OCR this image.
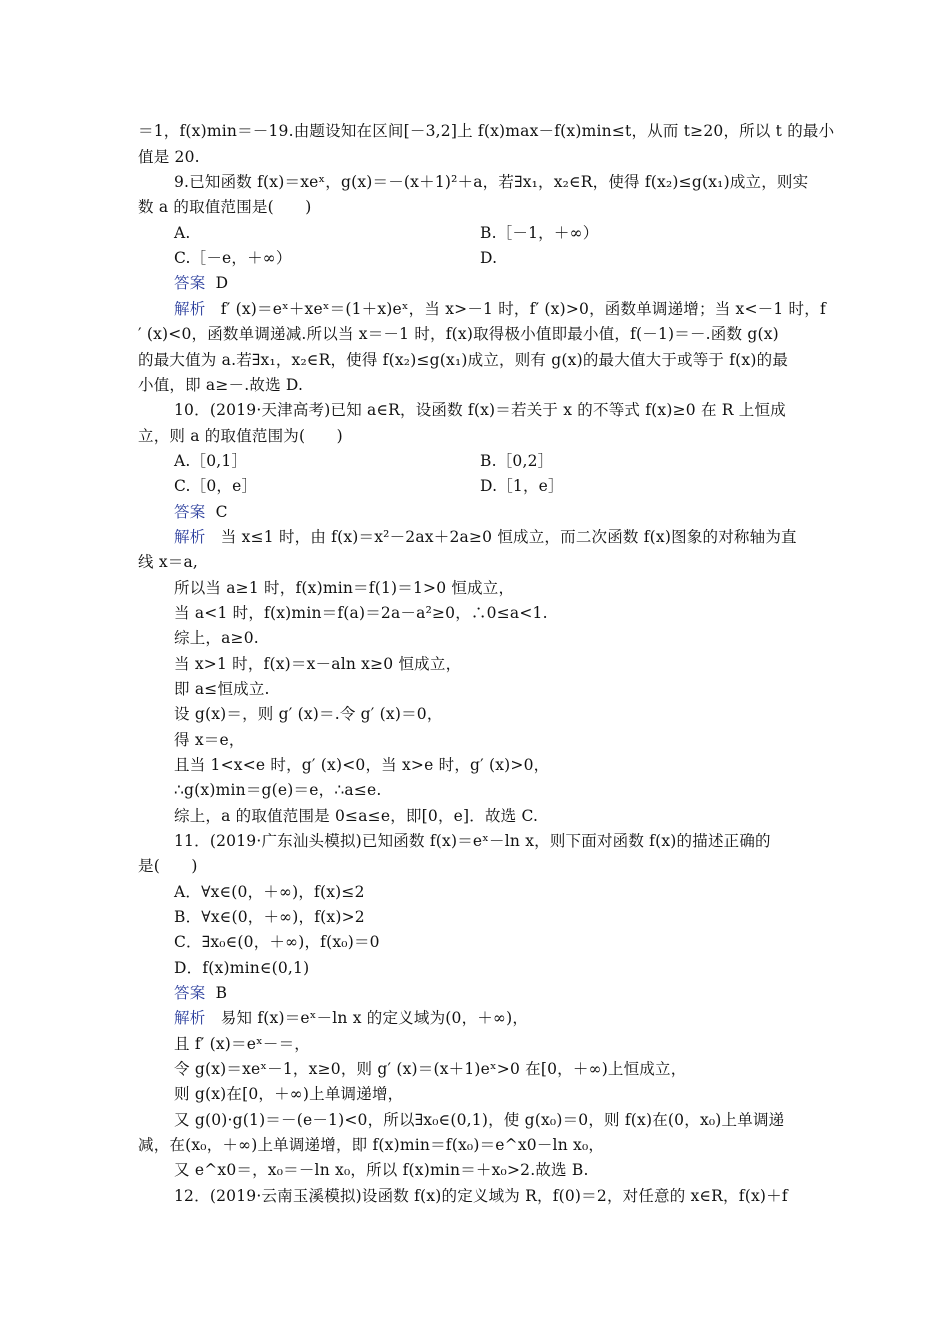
＝1，f(x)min＝－19.由题设知在区间[－3,2]上 f(x)max－f(x)min≤t，从而 t≥20，所以 t 的最小
值是 20.
9.已知函数 f(x)＝xeˣ，g(x)＝－(x＋1)²＋a，若∃x₁，x₂∈R，使得 f(x₂)≤g(x₁)成立，则实
数 a 的取值范围是(　　)
A.	B.［－1，＋∞）
C.［－e，＋∞）	D.
答案 D
解析 f′ (x)＝eˣ＋xeˣ＝(1＋x)eˣ，当 x>－1 时，f′ (x)>0，函数单调递增；当 x<－1 时，f
′ (x)<0，函数单调递减.所以当 x＝－1 时，f(x)取得极小值即最小值，f(－1)＝－.函数 g(x)
的最大值为 a.若∃x₁，x₂∈R，使得 f(x₂)≤g(x₁)成立，则有 g(x)的最大值大于或等于 f(x)的最
小值，即 a≥－.故选 D.
10．(2019·天津高考)已知 a∈R，设函数 f(x)＝若关于 x 的不等式 f(x)≥0 在 R 上恒成
立，则 a 的取值范围为(　　)
A.［0,1］	B.［0,2］
C.［0，e］	D.［1，e］
答案 C
解析 当 x≤1 时，由 f(x)＝x²－2ax＋2a≥0 恒成立，而二次函数 f(x)图象的对称轴为直
线 x＝a,
所以当 a≥1 时，f(x)min＝f(1)＝1>0 恒成立，
当 a<1 时，f(x)min＝f(a)＝2a－a²≥0，∴0≤a<1.
综上，a≥0.
当 x>1 时，f(x)＝x－aln x≥0 恒成立，
即 a≤恒成立.
设 g(x)＝，则 g′ (x)＝.令 g′ (x)＝0，
得 x＝e，
且当 1<x<e 时，g′ (x)<0，当 x>e 时，g′ (x)>0，
∴g(x)min＝g(e)＝e，∴a≤e.
综上，a 的取值范围是 0≤a≤e，即[0，e]．故选 C.
11．(2019·广东汕头模拟)已知函数 f(x)＝eˣ－ln x，则下面对函数 f(x)的描述正确的
是(　　)
A．∀x∈(0，＋∞)，f(x)≤2
B．∀x∈(0，＋∞)，f(x)>2
C．∃x₀∈(0，＋∞)，f(x₀)＝0
D．f(x)min∈(0,1)
答案 B
解析 易知 f(x)＝eˣ－ln x 的定义域为(0，＋∞)，
且 f′ (x)＝eˣ－＝，
令 g(x)＝xeˣ－1，x≥0，则 g′ (x)＝(x＋1)eˣ>0 在[0，＋∞)上恒成立，
则 g(x)在[0，＋∞)上单调递增，
又 g(0)·g(1)＝－(e－1)<0，所以∃x₀∈(0,1)，使 g(x₀)＝0，则 f(x)在(0，x₀)上单调递
减，在(x₀，＋∞)上单调递增，即 f(x)min＝f(x₀)＝e^x0－ln x₀，
又 e^x0＝，x₀＝－ln x₀，所以 f(x)min＝＋x₀>2.故选 B.
12．(2019·云南玉溪模拟)设函数 f(x)的定义域为 R，f(0)＝2，对任意的 x∈R，f(x)＋f
